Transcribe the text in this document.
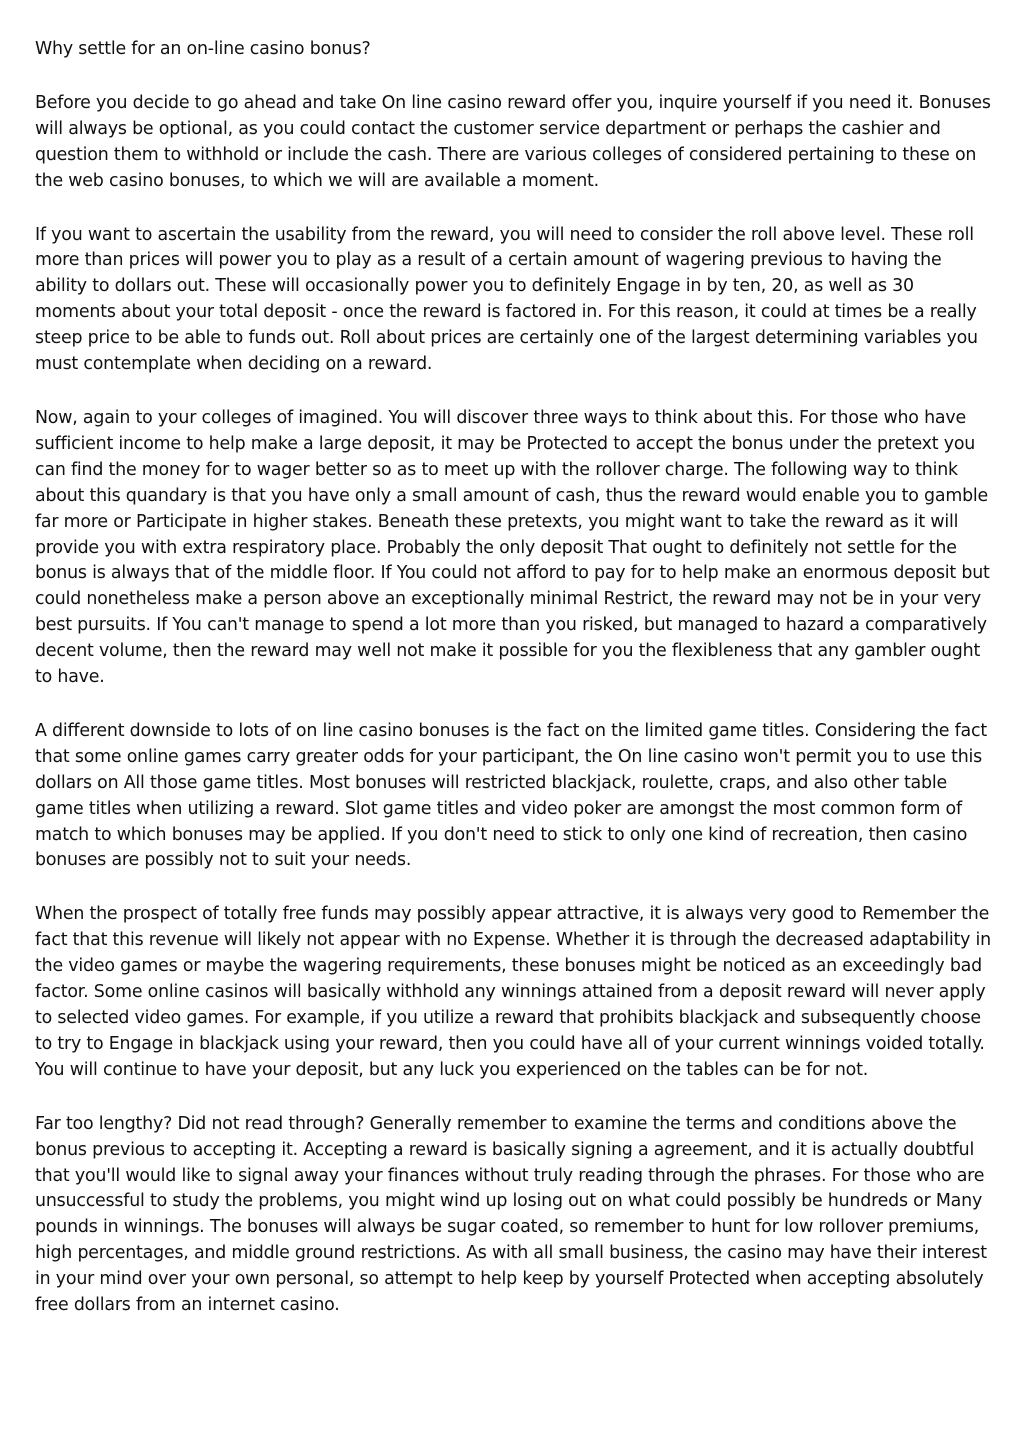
Why settle for an on-line casino bonus?

Before you decide to go ahead and take On line casino reward offer you, inquire yourself if you need it. Bonuses will always be optional, as you could contact the customer service department or perhaps the cashier and question them to withhold or include the cash. There are various colleges of considered pertaining to these on the web casino bonuses, to which we will are available a moment.

If you want to ascertain the usability from the reward, you will need to consider the roll above level. These roll more than prices will power you to play as a result of a certain amount of wagering previous to having the ability to dollars out. These will occasionally power you to definitely Engage in by ten, 20, as well as 30 moments about your total deposit - once the reward is factored in. For this reason, it could at times be a really steep price to be able to funds out. Roll about prices are certainly one of the largest determining variables you must contemplate when deciding on a reward.

Now, again to your colleges of imagined. You will discover three ways to think about this. For those who have sufficient income to help make a large deposit, it may be Protected to accept the bonus under the pretext you can find the money for to wager better so as to meet up with the rollover charge. The following way to think about this quandary is that you have only a small amount of cash, thus the reward would enable you to gamble far more or Participate in higher stakes. Beneath these pretexts, you might want to take the reward as it will provide you with extra respiratory place. Probably the only deposit That ought to definitely not settle for the bonus is always that of the middle floor. If You could not afford to pay for to help make an enormous deposit but could nonetheless make a person above an exceptionally minimal Restrict, the reward may not be in your very best pursuits. If You can't manage to spend a lot more than you risked, but managed to hazard a comparatively decent volume, then the reward may well not make it possible for you the flexibleness that any gambler ought to have.

A different downside to lots of on line casino bonuses is the fact on the limited game titles. Considering the fact that some online games carry greater odds for your participant, the On line casino won't permit you to use this dollars on All those game titles. Most bonuses will restricted blackjack, roulette, craps, and also other table game titles when utilizing a reward. Slot game titles and video poker are amongst the most common form of match to which bonuses may be applied. If you don't need to stick to only one kind of recreation, then casino bonuses are possibly not to suit your needs.

When the prospect of totally free funds may possibly appear attractive, it is always very good to Remember the fact that this revenue will likely not appear with no Expense. Whether it is through the decreased adaptability in the video games or maybe the wagering requirements, these bonuses might be noticed as an exceedingly bad factor. Some online casinos will basically withhold any winnings attained from a deposit reward will never apply to selected video games. For example, if you utilize a reward that prohibits blackjack and subsequently choose to try to Engage in blackjack using your reward, then you could have all of your current winnings voided totally. You will continue to have your deposit, but any luck you experienced on the tables can be for not.

Far too lengthy? Did not read through? Generally remember to examine the terms and conditions above the bonus previous to accepting it. Accepting a reward is basically signing a agreement, and it is actually doubtful that you'll would like to signal away your finances without truly reading through the phrases. For those who are unsuccessful to study the problems, you might wind up losing out on what could possibly be hundreds or Many pounds in winnings. The bonuses will always be sugar coated, so remember to hunt for low rollover premiums, high percentages, and middle ground restrictions. As with all small business, the casino may have their interest in your mind over your own personal, so attempt to help keep by yourself Protected when accepting absolutely free dollars from an internet casino.
